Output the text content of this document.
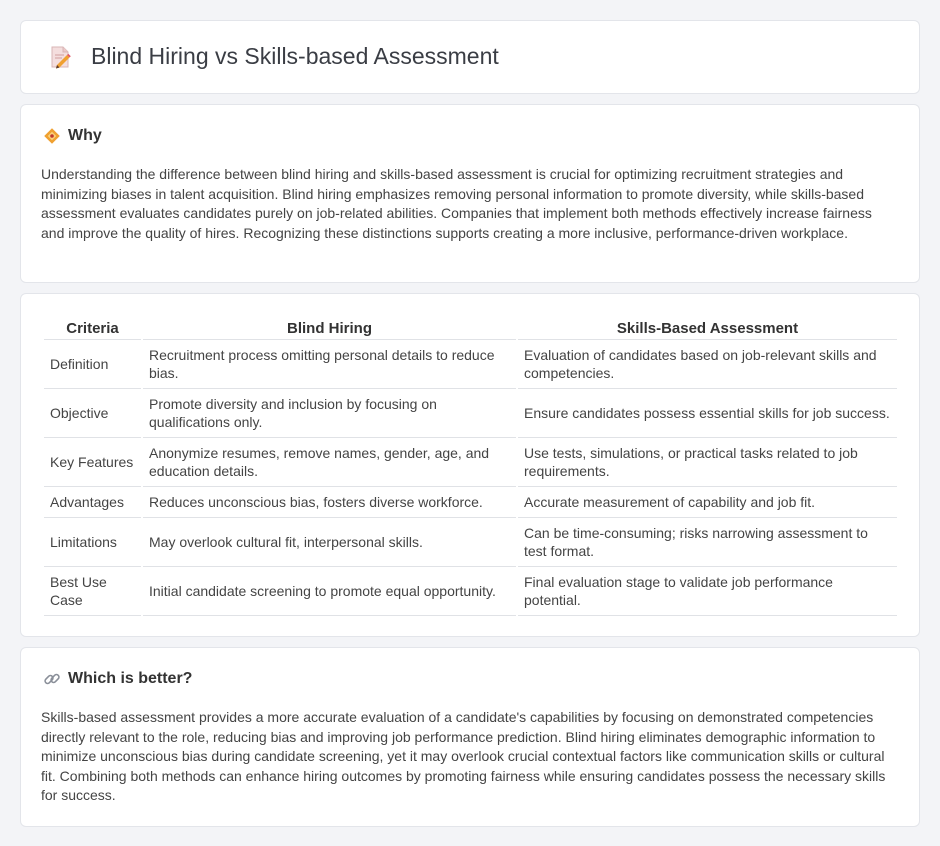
Blind Hiring vs Skills-based Assessment
Why

Understanding the difference between blind hiring and skills-based assessment is crucial for optimizing recruitment strategies and minimizing biases in talent acquisition. Blind hiring emphasizes removing personal information to promote diversity, while skills-based assessment evaluates candidates purely on job-related abilities. Companies that implement both methods effectively increase fairness and improve the quality of hires. Recognizing these distinctions supports creating a more inclusive, performance-driven workplace.

Criteria	Blind Hiring	Skills-Based Assessment
Definition	Recruitment process omitting personal details to reduce bias.	Evaluation of candidates based on job-relevant skills and competencies.
Objective	Promote diversity and inclusion by focusing on qualifications only.	Ensure candidates possess essential skills for job success.
Key Features	Anonymize resumes, remove names, gender, age, and education details.	Use tests, simulations, or practical tasks related to job requirements.
Advantages	Reduces unconscious bias, fosters diverse workforce.	Accurate measurement of capability and job fit.
Limitations	May overlook cultural fit, interpersonal skills.	Can be time-consuming; risks narrowing assessment to test format.
Best Use Case	Initial candidate screening to promote equal opportunity.	Final evaluation stage to validate job performance potential.
Which is better?

Skills-based assessment provides a more accurate evaluation of a candidate's capabilities by focusing on demonstrated competencies directly relevant to the role, reducing bias and improving job performance prediction. Blind hiring eliminates demographic information to minimize unconscious bias during candidate screening, yet it may overlook crucial contextual factors like communication skills or cultural fit. Combining both methods can enhance hiring outcomes by promoting fairness while ensuring candidates possess the necessary skills for success.
